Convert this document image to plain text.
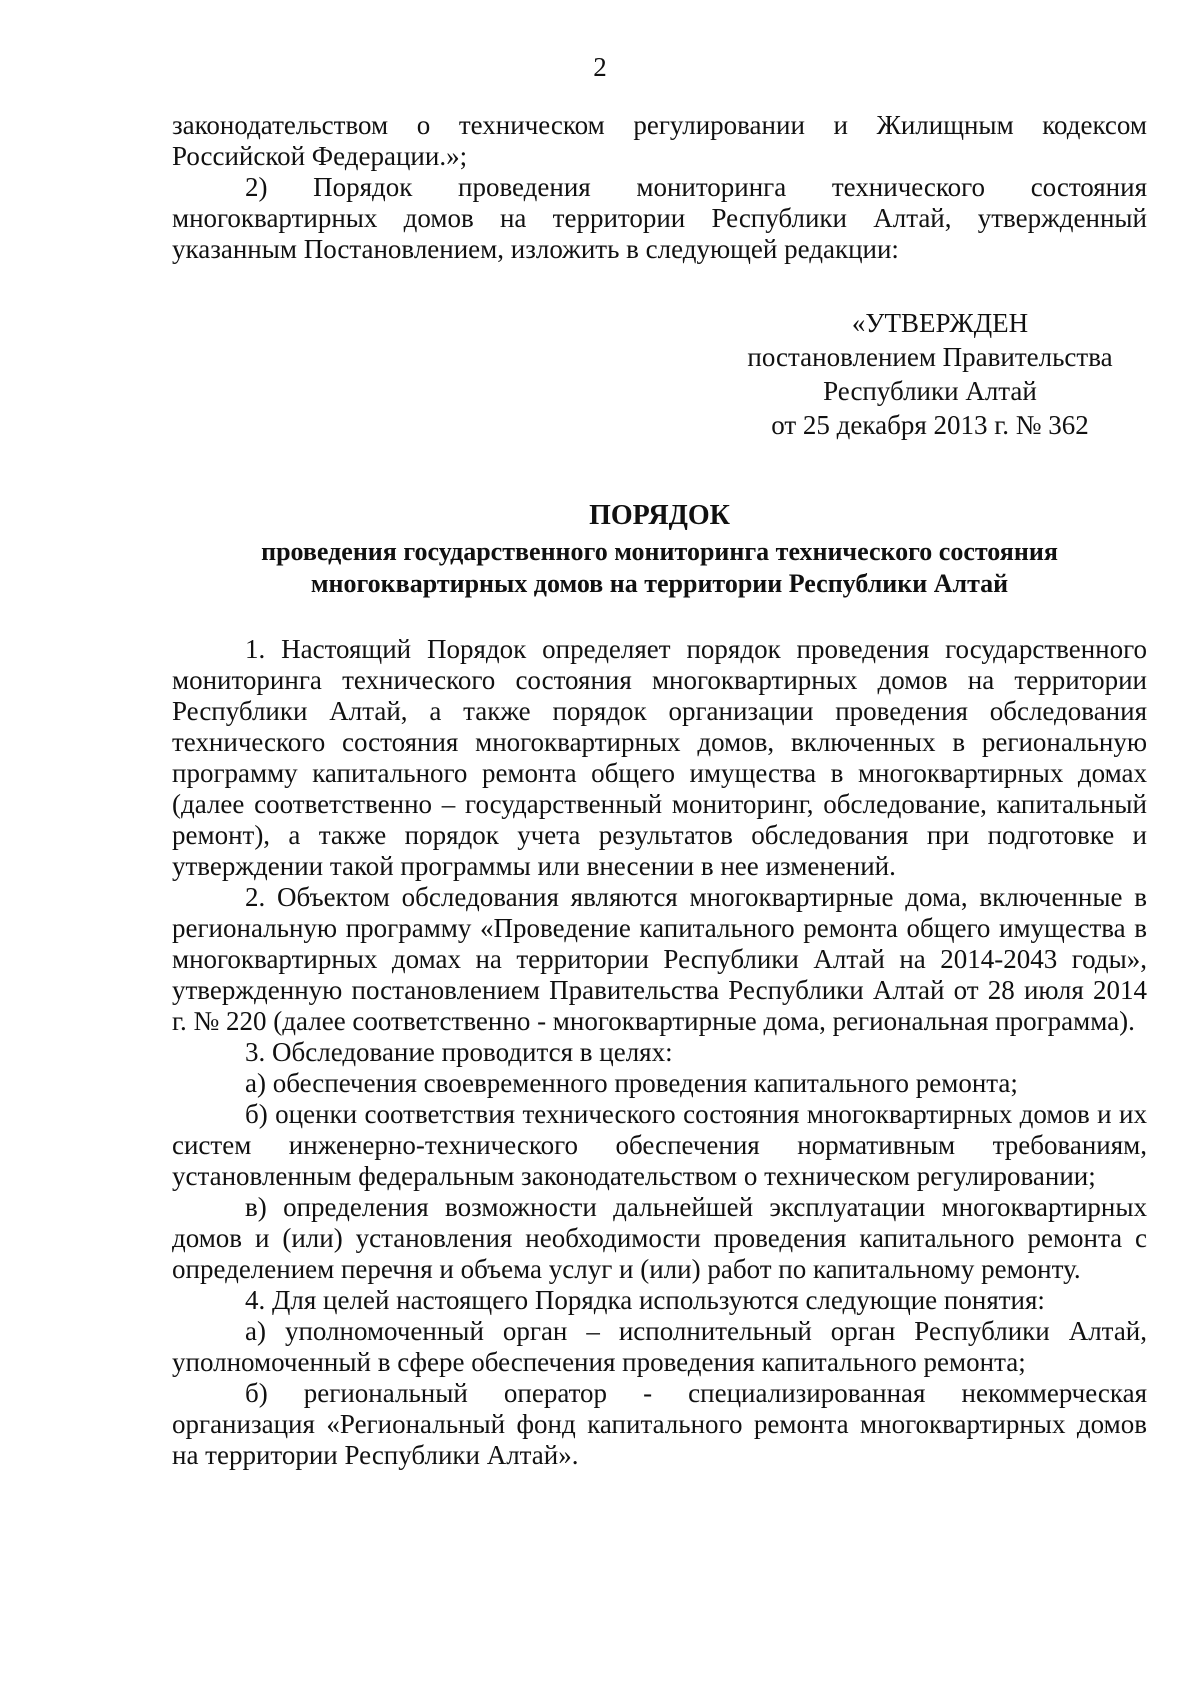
2

законодательством о техническом регулировании и Жилищным кодексом Российской Федерации.»;

2) Порядок проведения мониторинга технического состояния многоквартирных домов на территории Республики Алтай, утвержденный указанным Постановлением, изложить в следующей редакции:

«УТВЕРЖДЕН
постановлением Правительства
Республики Алтай
от 25 декабря 2013 г. № 362
ПОРЯДОК
проведения государственного мониторинга технического состояния
многоквартирных домов на территории Республики Алтай

1. Настоящий Порядок определяет порядок проведения государственного мониторинга технического состояния многоквартирных домов на территории Республики Алтай, а также порядок организации проведения обследования технического состояния многоквартирных домов, включенных в региональную программу капитального ремонта общего имущества в многоквартирных домах (далее соответственно – государственный мониторинг, обследование, капитальный ремонт), а также порядок учета результатов обследования при подготовке и утверждении такой программы или внесении в нее изменений.

2. Объектом обследования являются многоквартирные дома, включенные в региональную программу «Проведение капитального ремонта общего имущества в многоквартирных домах на территории Республики Алтай на 2014-2043 годы», утвержденную постановлением Правительства Республики Алтай от 28 июля 2014 г. № 220 (далее соответственно - многоквартирные дома, региональная программа).

3. Обследование проводится в целях:

а) обеспечения своевременного проведения капитального ремонта;

б) оценки соответствия технического состояния многоквартирных домов и их систем инженерно-технического обеспечения нормативным требованиям, установленным федеральным законодательством о техническом регулировании;

в) определения возможности дальнейшей эксплуатации многоквартирных домов и (или) установления необходимости проведения капитального ремонта с определением перечня и объема услуг и (или) работ по капитальному ремонту.

4. Для целей настоящего Порядка используются следующие понятия:

а) уполномоченный орган – исполнительный орган Республики Алтай, уполномоченный в сфере обеспечения проведения капитального ремонта;

б) региональный оператор - специализированная некоммерческая организация «Региональный фонд капитального ремонта многоквартирных домов на территории Республики Алтай».
